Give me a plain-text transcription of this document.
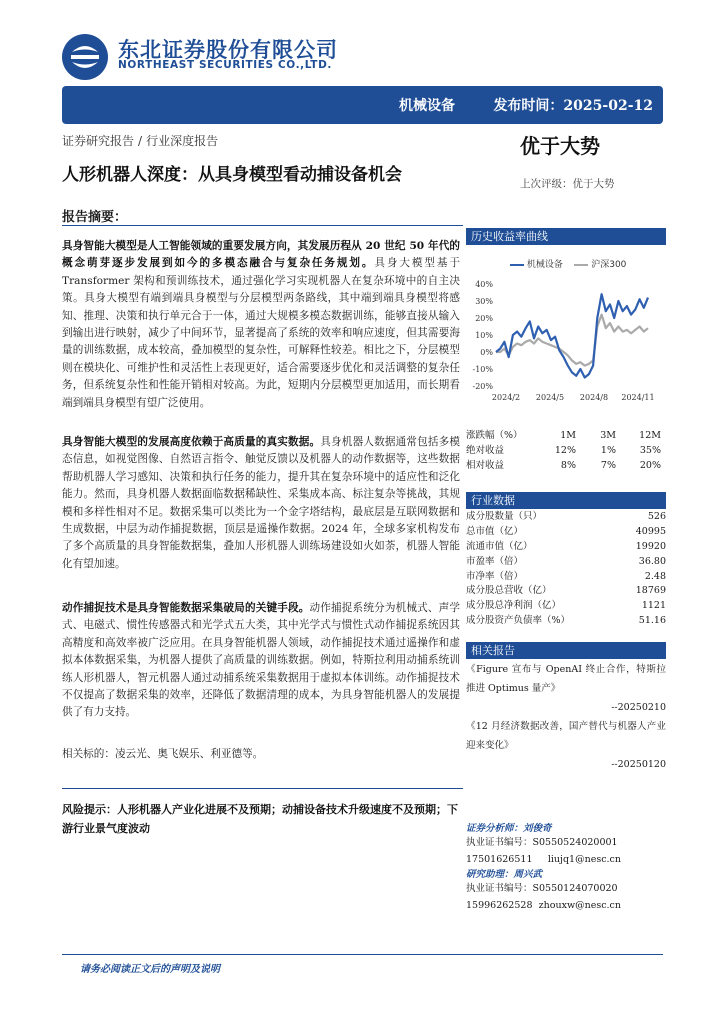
东北证券股份有限公司
NORTHEAST SECURITIES CO.,LTD.
机械设备	发布时间：2025-02-12
证券研究报告 / 行业深度报告
人形机器人深度：从具身模型看动捕设备机会
优于大势
上次评级：优于大势
报告摘要：
具身智能大模型是人工智能领域的重要发展方向，其发展历程从 20 世纪 50 年代的概念萌芽逐步发展到如今的多模态融合与复杂任务规划。具身大模型基于 Transformer 架构和预训练技术，通过强化学习实现机器人在复杂环境中的自主决策。具身大模型有端到端具身模型与分层模型两条路线，其中端到端具身模型将感知、推理、决策和执行单元合于一体，通过大规模多模态数据训练，能够直接从输入到输出进行映射，减少了中间环节，显著提高了系统的效率和响应速度，但其需要海量的训练数据，成本较高，叠加模型的复杂性，可解释性较差。相比之下，分层模型则在模块化、可维护性和灵活性上表现更好，适合需要逐步优化和灵活调整的复杂任务，但系统复杂性和性能开销相对较高。为此，短期内分层模型更加适用，而长期看端到端具身模型有望广泛使用。
具身智能大模型的发展高度依赖于高质量的真实数据。具身机器人数据通常包括多模态信息，如视觉图像、自然语言指令、触觉反馈以及机器人的动作数据等，这些数据帮助机器人学习感知、决策和执行任务的能力，提升其在复杂环境中的适应性和泛化能力。然而，具身机器人数据面临数据稀缺性、采集成本高、标注复杂等挑战，其规模和多样性相对不足。数据采集可以类比为一个金字塔结构，最底层是互联网数据和生成数据，中层为动作捕捉数据，顶层是遥操作数据。2024 年，全球多家机构发布了多个高质量的具身智能数据集，叠加人形机器人训练场建设如火如荼，机器人智能化有望加速。
动作捕捉技术是具身智能数据采集破局的关键手段。动作捕捉系统分为机械式、声学式、电磁式、惯性传感器式和光学式五大类，其中光学式与惯性式动作捕捉系统因其高精度和高效率被广泛应用。在具身智能机器人领域，动作捕捉技术通过遥操作和虚拟本体数据采集，为机器人提供了高质量的训练数据。例如，特斯拉利用动捕系统训练人形机器人，智元机器人通过动捕系统采集数据用于虚拟本体训练。动作捕捉技术不仅提高了数据采集的效率，还降低了数据清理的成本，为具身智能机器人的发展提供了有力支持。
相关标的：凌云光、奥飞娱乐、利亚德等。
风险提示：人形机器人产业化进展不及预期；动捕设备技术升级速度不及预期；下游行业景气度波动
历史收益率曲线
机械设备	沪深300
40%
30%
20%
10%
0%
-10%
-20%
2024/2 2024/5 2024/8 2024/11
涨跌幅（%）	1M	3M	12M
绝对收益	12%	1%	35%
相对收益	8%	7%	20%
行业数据
成分股数量（只）	526
总市值（亿）	40995
流通市值（亿）	19920
市盈率（倍）	36.80
市净率（倍）	2.48
成分股总营收（亿）	18769
成分股总净利润（亿）	1121
成分股资产负债率（%）	51.16
相关报告
《Figure 宣布与 OpenAI 终止合作，特斯拉推进 Optimus 量产》
--20250210
《12 月经济数据改善，国产替代与机器人产业迎来变化》
--20250120
证券分析师：刘俊奇
执业证书编号：S0550524020001
17501626511 liujq1@nesc.cn
研究助理：周兴武
执业证书编号：S0550124070020
15996262528 zhouxw@nesc.cn
请务必阅读正文后的声明及说明
